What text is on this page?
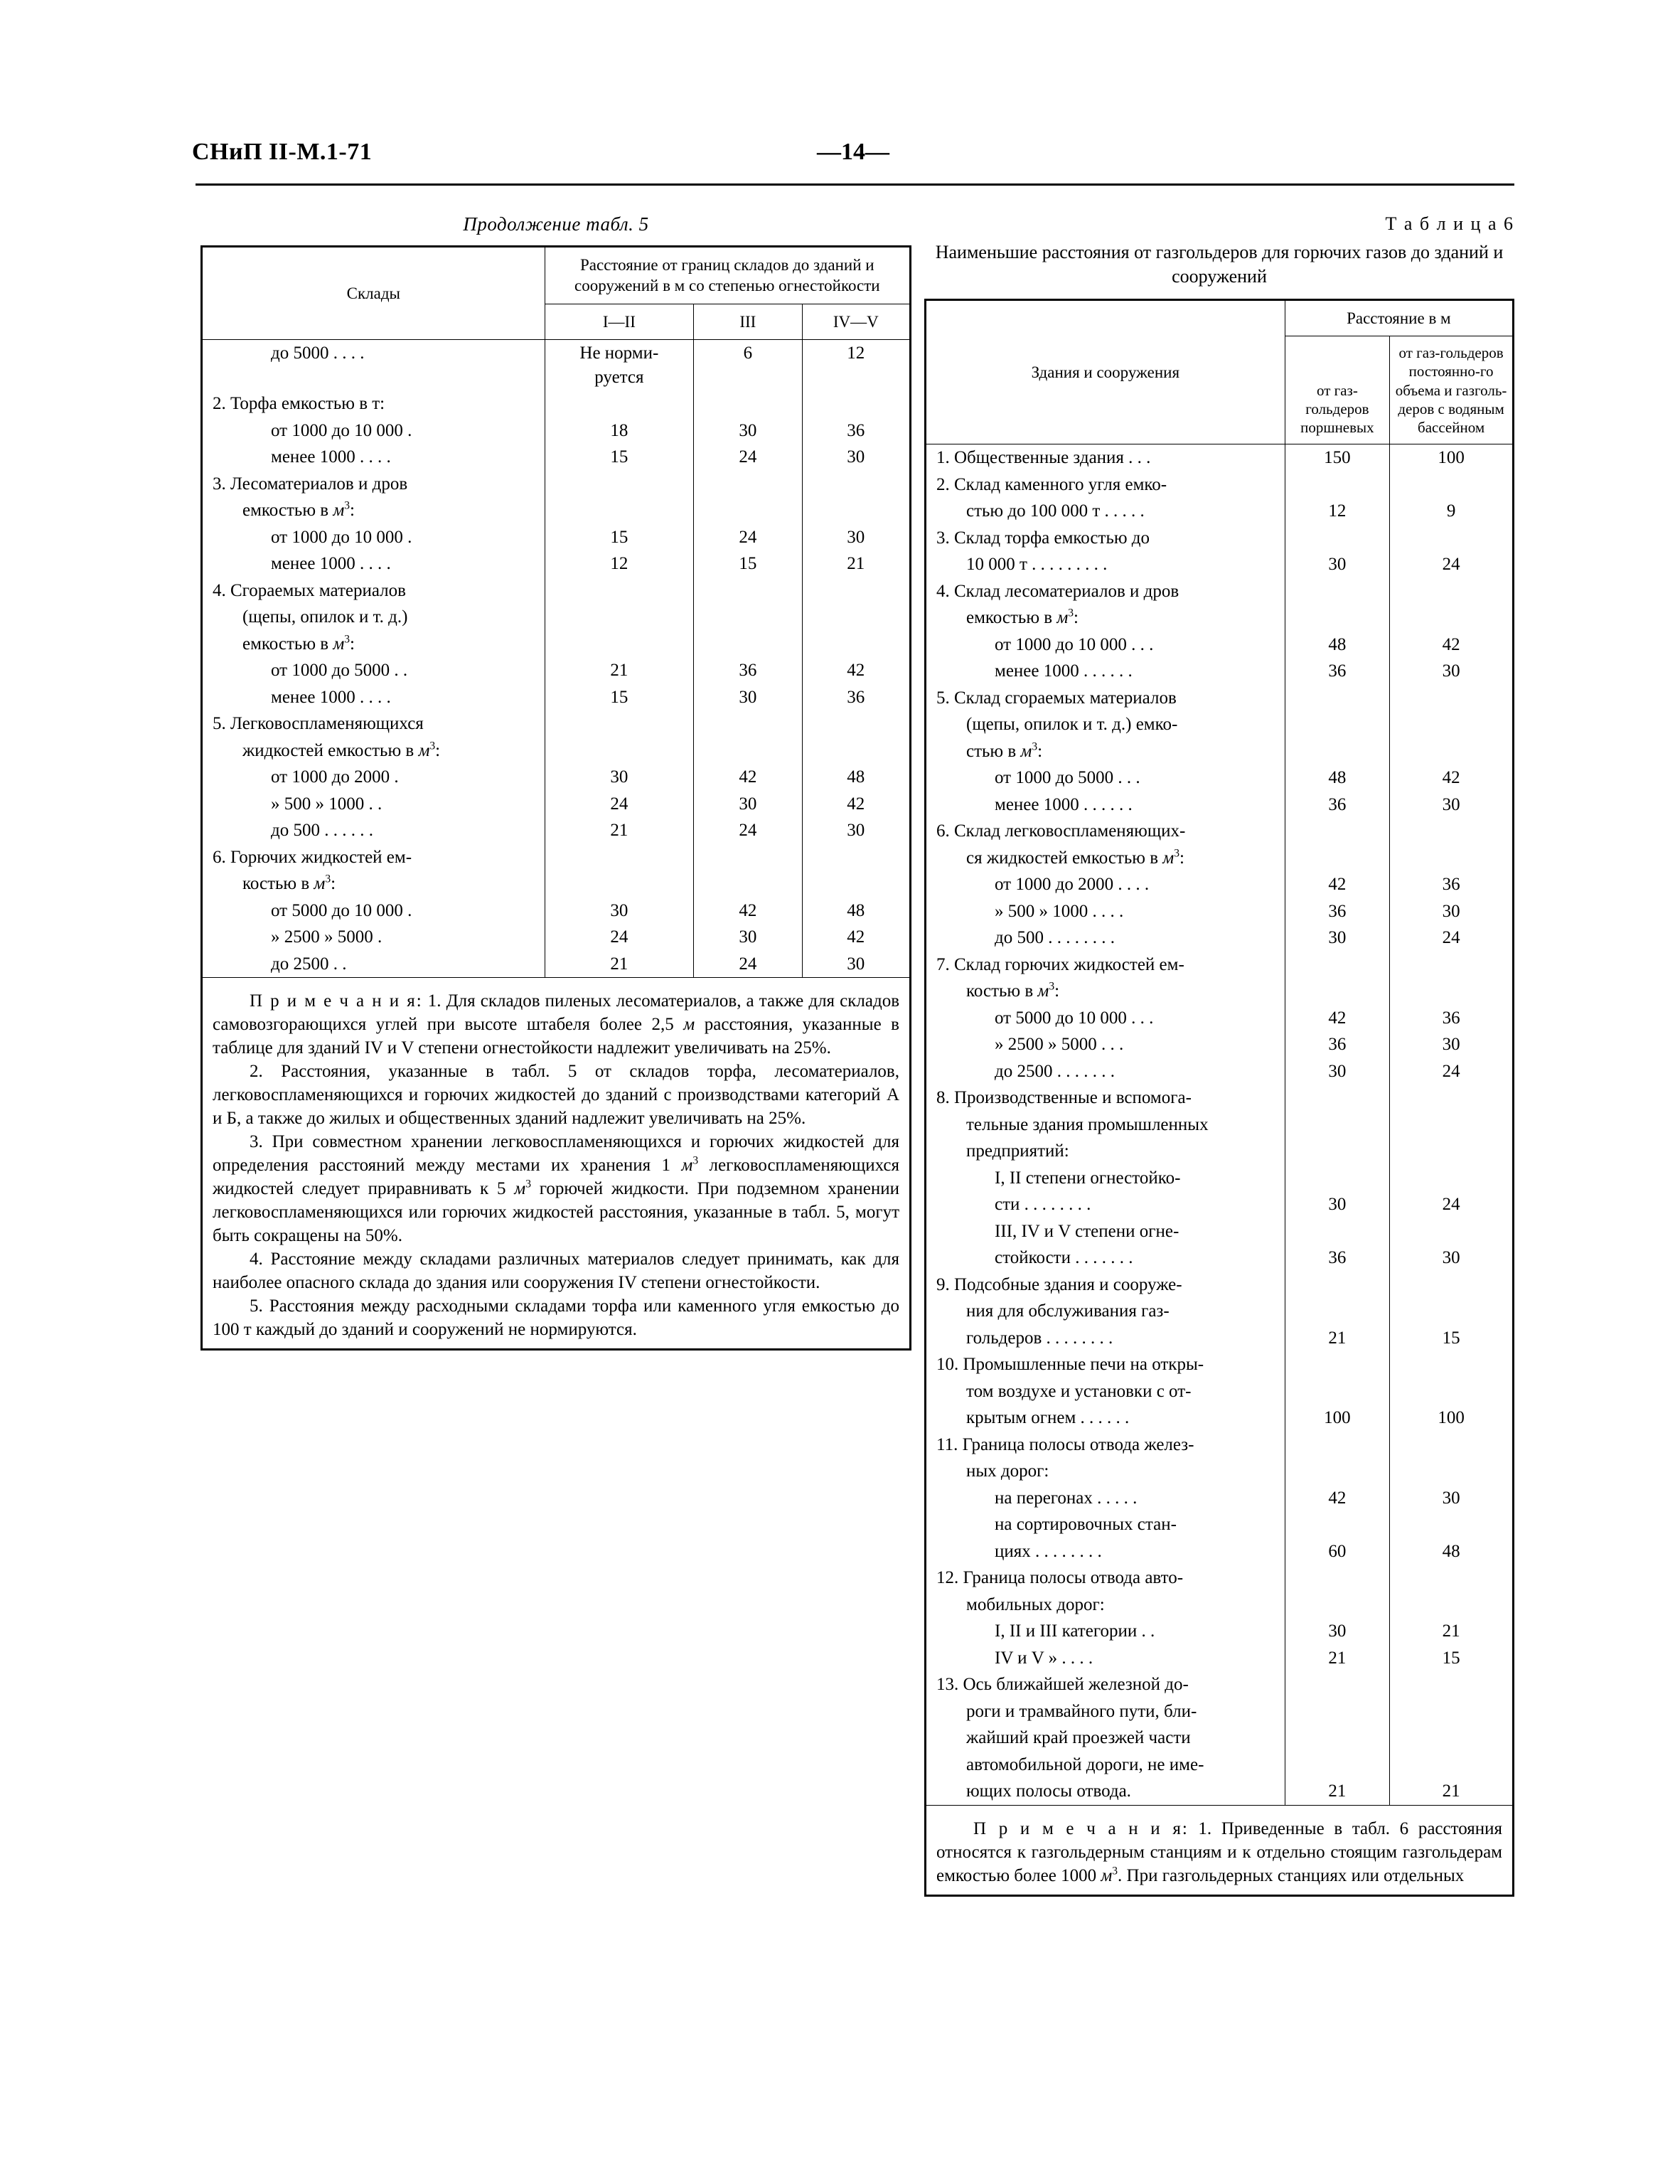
СНиП II-М.1-71	—14—
Продолжение табл. 5
Склады	Расстояние от границ складов до зданий и сооружений в м со степенью огнестойкости		
	I—II	III	IV—V
до 5000 . . . .	Не норми-
руется	6	12
2. Торфа емкостью в т:			
от 1000 до 10 000 .	18	30	36
менее 1000 . . . .	15	24	30
3. Лесоматериалов и дров			
емкостью в $м^3$:			
от 1000 до 10 000 .	15	24	30
менее 1000 . . . .	12	15	21
4. Сгораемых материалов			
(щепы, опилок и т. д.)			
емкостью в $м^3$:			
от 1000 до 5000 . .	21	36	42
менее 1000 . . . .	15	30	36
5. Легковоспламеняющихся			
жидкостей емкостью в $м^3$:			
от 1000 до 2000 .	30	42	48
» 500 » 1000 . .	24	30	42
до 500 . . . . . .	21	24	30
6. Горючих жидкостей ем-			
костью в $м^3$:			
от 5000 до 10 000 .	30	42	48
» 2500 » 5000 .	24	30	42
до 2500 . .	21	24	30

П р и м е ч а н и я: 1. Для складов пиленых лесоматериалов, а также для складов самовозгорающихся углей при высоте штабеля более 2,5 м расстояния, указанные в таблице для зданий IV и V степени огнестойкости надлежит увеличивать на 25%.

2. Расстояния, указанные в табл. 5 от складов торфа, лесоматериалов, легковоспламеняющихся и горючих жидкостей до зданий с производствами категорий А и Б, а также до жилых и общественных зданий надлежит увеличивать на 25%.

3. При совместном хранении легковоспламеняющихся и горючих жидкостей для определения расстояний между местами их хранения 1 $м^3$ легковоспламеняющихся жидкостей следует приравнивать к 5 $м^3$ горючей жидкости. При подземном хранении легковоспламеняющихся или горючих жидкостей расстояния, указанные в табл. 5, могут быть сокращены на 50%.

4. Расстояние между складами различных материалов следует принимать, как для наиболее опасного склада до здания или сооружения IV степени огнестойкости.

5. Расстояния между расходными складами торфа или каменного угля емкостью до 100 т каждый до зданий и сооружений не нормируются.

Т а б л и ц а 6
Наименьшие расстояния от газгольдеров для горючих газов до зданий и сооружений
Здания и сооружения	Расстояние в м	
	от газ-гольдеров поршневых	от газ-гольдеров постоянно-го объема и газголь-деров с водяным бассейном
1. Общественные здания . . .	150	100
2. Склад каменного угля емко-		
стью до 100 000 т . . . . .	12	9
3. Склад торфа емкостью до		
10 000 т . . . . . . . . .	30	24
4. Склад лесоматериалов и дров		
емкостью в $м^3$:		
от 1000 до 10 000 . . .	48	42
менее 1000 . . . . . .	36	30
5. Склад сгораемых материалов		
(щепы, опилок и т. д.) емко-		
стью в $м^3$:		
от 1000 до 5000 . . .	48	42
менее 1000 . . . . . .	36	30
6. Склад легковоспламеняющих-		
ся жидкостей емкостью в $м^3$:		
от 1000 до 2000 . . . .	42	36
» 500 » 1000 . . . .	36	30
до 500 . . . . . . . .	30	24
7. Склад горючих жидкостей ем-		
костью в $м^3$:		
от 5000 до 10 000 . . .	42	36
» 2500 » 5000 . . .	36	30
до 2500 . . . . . . .	30	24
8. Производственные и вспомога-		
тельные здания промышленных		
предприятий:		
I, II степени огнестойко-		
сти . . . . . . . .	30	24
III, IV и V степени огне-		
стойкости . . . . . . .	36	30
9. Подсобные здания и сооруже-		
ния для обслуживания газ-		
гольдеров . . . . . . . .	21	15
10. Промышленные печи на откры-		
том воздухе и установки с от-		
крытым огнем . . . . . .	100	100
11. Граница полосы отвода желез-		
ных дорог:		
на перегонах . . . . .	42	30
на сортировочных стан-		
циях . . . . . . . .	60	48
12. Граница полосы отвода авто-		
мобильных дорог:		
I, II и III категории . .	30	21
IV и V » . . . .	21	15
13. Ось ближайшей железной до-		
роги и трамвайного пути, бли-		
жайший край проезжей части		
автомобильной дороги, не име-		
ющих полосы отвода.	21	21

П р и м е ч а н и я: 1. Приведенные в табл. 6 расстояния относятся к газгольдерным станциям и к отдельно стоящим газгольдерам емкостью более 1000 $м^3$. При газгольдерных станциях или отдельных
